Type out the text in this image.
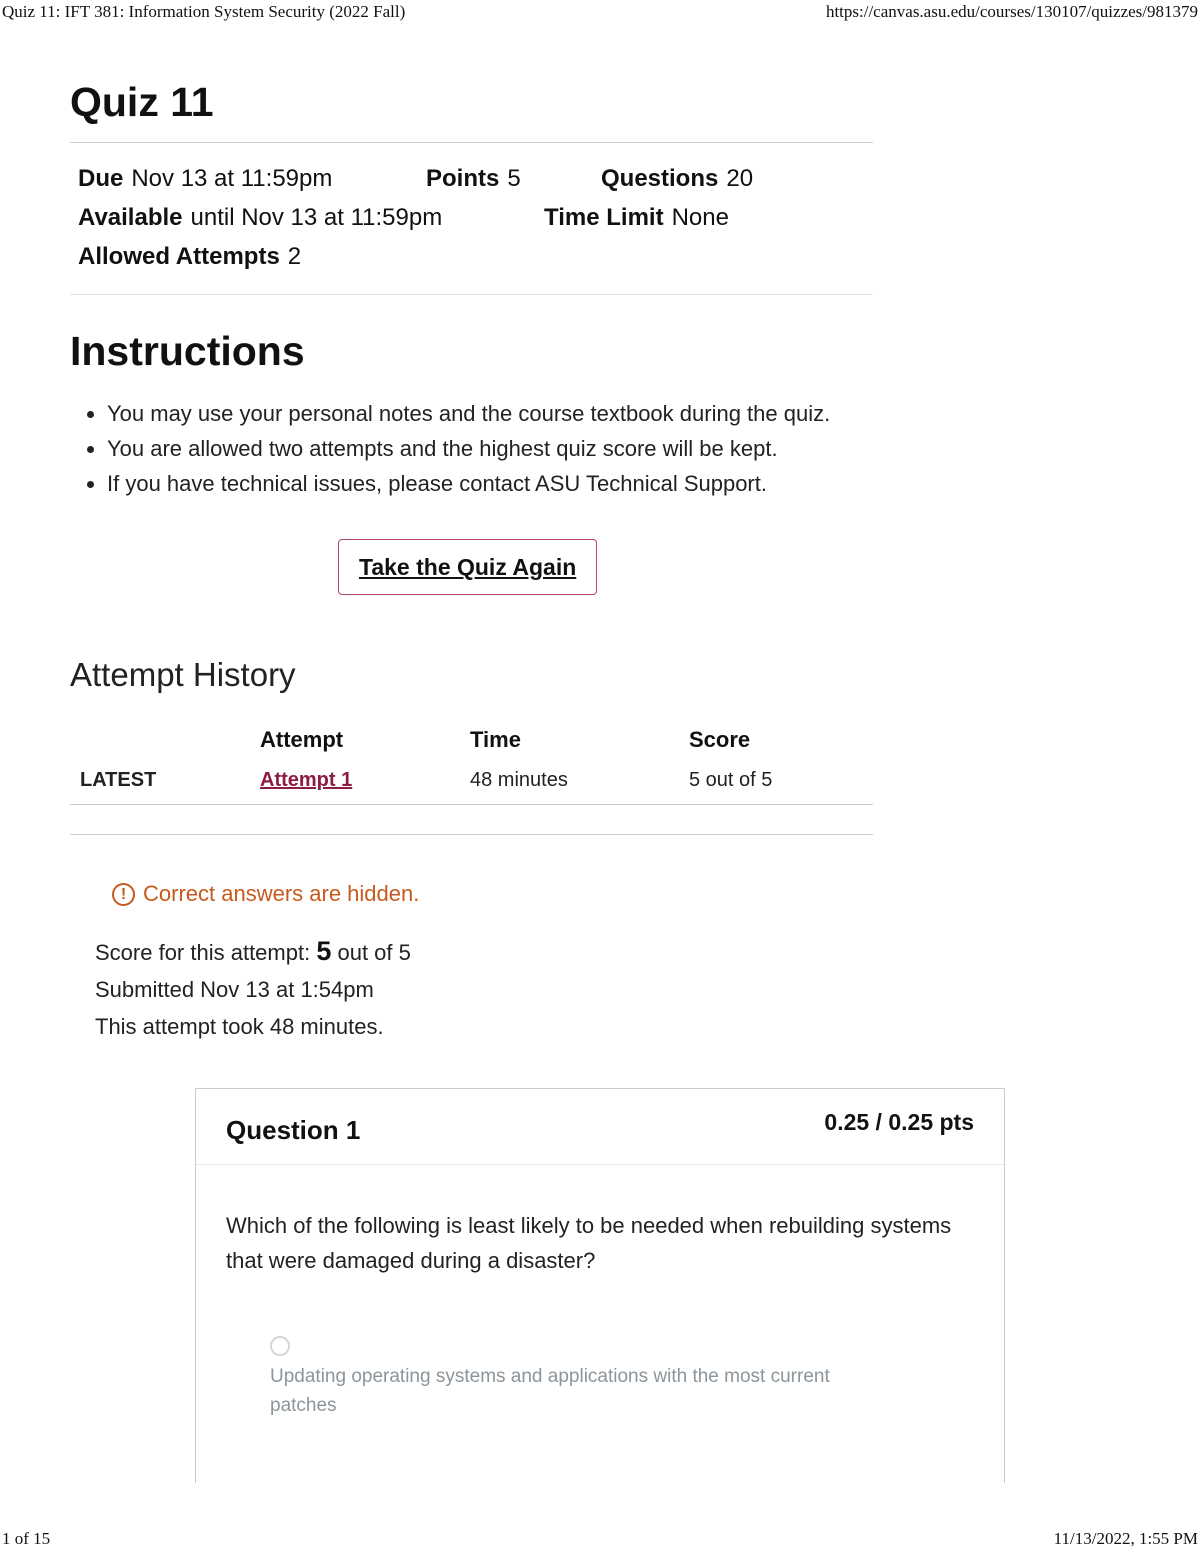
Quiz 11: IFT 381: Information System Security (2022 Fall)	https://canvas.asu.edu/courses/130107/quizzes/981379
Quiz 11
Due Nov 13 at 11:59pm	Points 5	Questions 20
Available until Nov 13 at 11:59pm	Time Limit None
Allowed Attempts 2
Instructions
• You may use your personal notes and the course textbook during the quiz.
• You are allowed two attempts and the highest quiz score will be kept.
• If you have technical issues, please contact ASU Technical Support.
Take the Quiz Again
Attempt History
	Attempt	Time	Score
LATEST	Attempt 1	48 minutes	5 out of 5
! Correct answers are hidden.
Score for this attempt: 5 out of 5
Submitted Nov 13 at 1:54pm
This attempt took 48 minutes.
Question 1	0.25 / 0.25 pts
Which of the following is least likely to be needed when rebuilding systems that were damaged during a disaster?
Updating operating systems and applications with the most current patches
1 of 15	11/13/2022, 1:55 PM
